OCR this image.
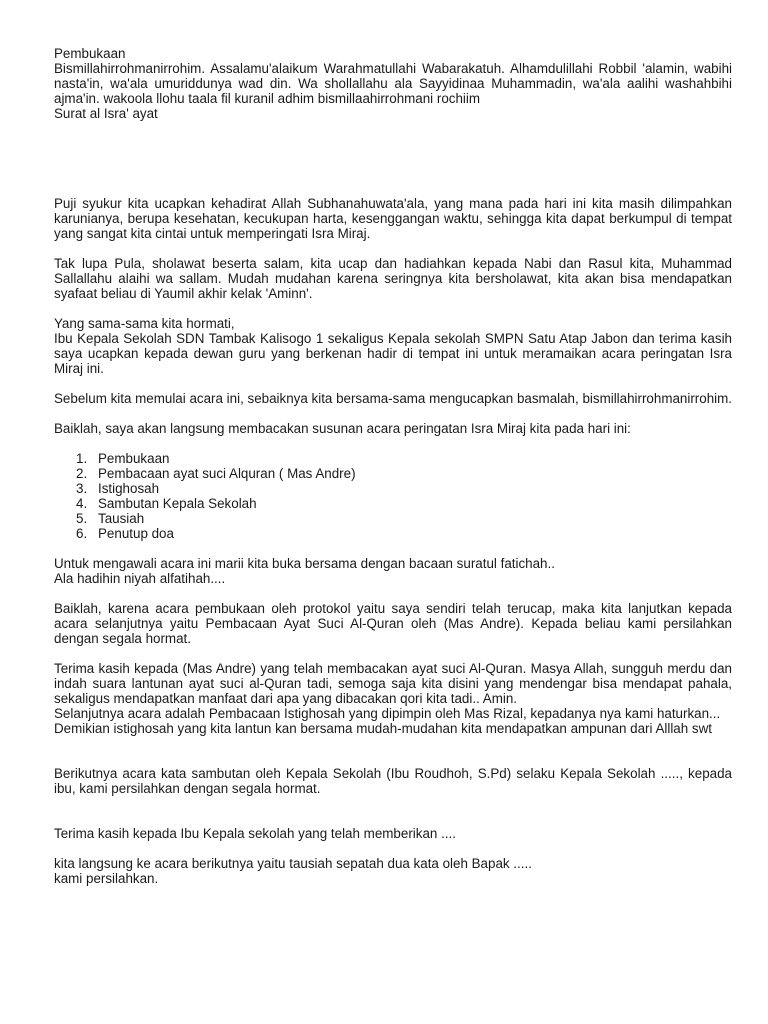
Pembukaan

Bismillahirrohmanirrohim. Assalamu'alaikum Warahmatullahi Wabarakatuh. Alhamdulillahi Robbil 'alamin, wabihi nasta'in, wa'ala umuriddunya wad din. Wa shollallahu ala Sayyidinaa Muhammadin, wa'ala aalihi washahbihi ajma'in. wakoola llohu taala fil kuranil adhim bismillaahirrohmani rochiim

Surat al Isra' ayat

Puji syukur kita ucapkan kehadirat Allah Subhanahuwata'ala, yang mana pada hari ini kita masih dilimpahkan karunianya, berupa kesehatan, kecukupan harta, kesenggangan waktu, sehingga kita dapat berkumpul di tempat yang sangat kita cintai untuk memperingati Isra Miraj.

Tak lupa Pula, sholawat beserta salam, kita ucap dan hadiahkan kepada Nabi dan Rasul kita, Muhammad Sallallahu alaihi wa sallam. Mudah mudahan karena seringnya kita bersholawat, kita akan bisa mendapatkan syafaat beliau di Yaumil akhir kelak 'Aminn'.

Yang sama-sama kita hormati,

Ibu Kepala Sekolah SDN Tambak Kalisogo 1 sekaligus Kepala sekolah SMPN Satu Atap Jabon dan terima kasih saya ucapkan kepada dewan guru yang berkenan hadir di tempat ini untuk meramaikan acara peringatan Isra Miraj ini.

Sebelum kita memulai acara ini, sebaiknya kita bersama-sama mengucapkan basmalah, bismillahirrohmanirrohim.

Baiklah, saya akan langsung membacakan susunan acara peringatan Isra Miraj kita pada hari ini:

1. Pembukaan
2. Pembacaan ayat suci Alquran ( Mas Andre)
3. Istighosah
4. Sambutan Kepala Sekolah
5. Tausiah
6. Penutup doa

Untuk mengawali acara ini marii kita buka bersama dengan bacaan suratul fatichah..

Ala hadihin niyah alfatihah....

Baiklah, karena acara pembukaan oleh protokol yaitu saya sendiri telah terucap, maka kita lanjutkan kepada acara selanjutnya yaitu Pembacaan Ayat Suci Al-Quran oleh (Mas Andre). Kepada beliau kami persilahkan dengan segala hormat.

Terima kasih kepada (Mas Andre) yang telah membacakan ayat suci Al-Quran. Masya Allah, sungguh merdu dan indah suara lantunan ayat suci al-Quran tadi, semoga saja kita disini yang mendengar bisa mendapat pahala, sekaligus mendapatkan manfaat dari apa yang dibacakan qori kita tadi.. Amin.

Selanjutnya acara adalah Pembacaan Istighosah yang dipimpin oleh Mas Rizal, kepadanya nya kami haturkan...

Demikian istighosah yang kita lantun kan bersama mudah-mudahan kita mendapatkan ampunan dari Alllah swt

Berikutnya acara kata sambutan oleh Kepala Sekolah (Ibu Roudhoh, S.Pd) selaku Kepala Sekolah ....., kepada ibu, kami persilahkan dengan segala hormat.

Terima kasih kepada Ibu Kepala sekolah yang telah memberikan ....

kita langsung ke acara berikutnya yaitu tausiah sepatah dua kata oleh Bapak .....

kami persilahkan.
